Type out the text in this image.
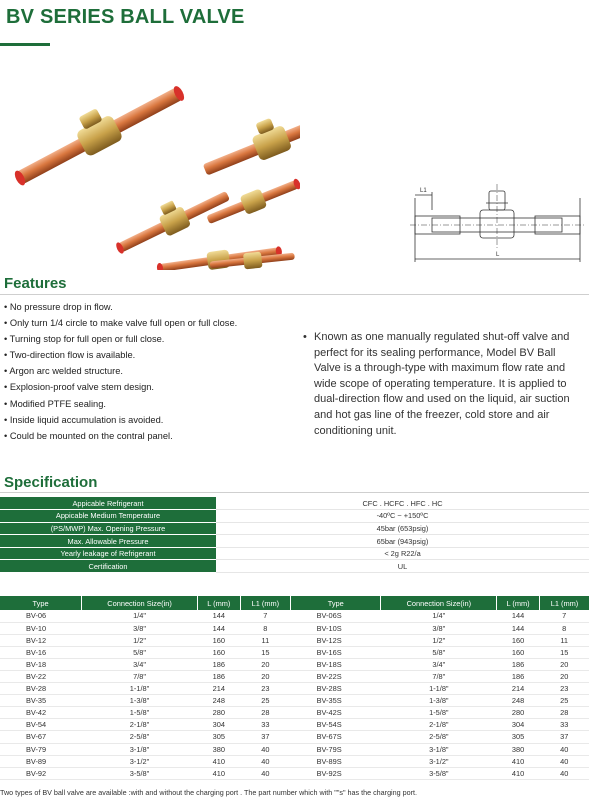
BV SERIES BALL VALVE
L1
L
Features
• No pressure drop in flow.
• Only turn 1/4 circle to make valve full open or full close.
• Turning stop for full open or full close.
• Two-direction flow is available.
• Argon arc welded structure.
• Explosion-proof valve stem design.
• Modified PTFE sealing.
• Inside liquid accumulation is avoided.
• Could be mounted on the contral panel.
• Known as one manually regulated shut-off valve and perfect for its sealing performance, Model BV Ball Valve is a through-type with maximum flow rate and wide scope of operating temperature. It is applied to dual-direction flow and used on the liquid, air suction and hot gas line of the freezer, cold store and air conditioning unit.
Specification
Appicable Refrigerant	CFC . HCFC . HFC . HC
Appicable Medium Temperature	-40ºC ~ +150ºC
(PS/MWP) Max. Opening Pressure	45bar (653psig)
Max. Allowable Pressure	65bar (943psig)
Yearly leakage of Refrigerant	< 2g R22/a
Certification	UL
Type	Connection Size(in)	L (mm)	L1 (mm)	Type	Connection Size(in)	L (mm)	L1 (mm)
BV-06	1/4"	144	7	BV-06S	1/4"	144	7
BV-10	3/8"	144	8	BV-10S	3/8"	144	8
BV-12	1/2"	160	11	BV-12S	1/2"	160	11
BV-16	5/8"	160	15	BV-16S	5/8"	160	15
BV-18	3/4"	186	20	BV-18S	3/4"	186	20
BV-22	7/8"	186	20	BV-22S	7/8"	186	20
BV-28	1-1/8"	214	23	BV-28S	1-1/8"	214	23
BV-35	1-3/8"	248	25	BV-35S	1-3/8"	248	25
BV-42	1-5/8"	280	28	BV-42S	1-5/8"	280	28
BV-54	2-1/8"	304	33	BV-54S	2-1/8"	304	33
BV-67	2-5/8"	305	37	BV-67S	2-5/8"	305	37
BV-79	3-1/8"	380	40	BV-79S	3-1/8"	380	40
BV-89	3-1/2"	410	40	BV-89S	3-1/2"	410	40
BV-92	3-5/8"	410	40	BV-92S	3-5/8"	410	40
Two types of BV ball valve are available :with and without the charging port . The part number which with ""s" has the charging port.
